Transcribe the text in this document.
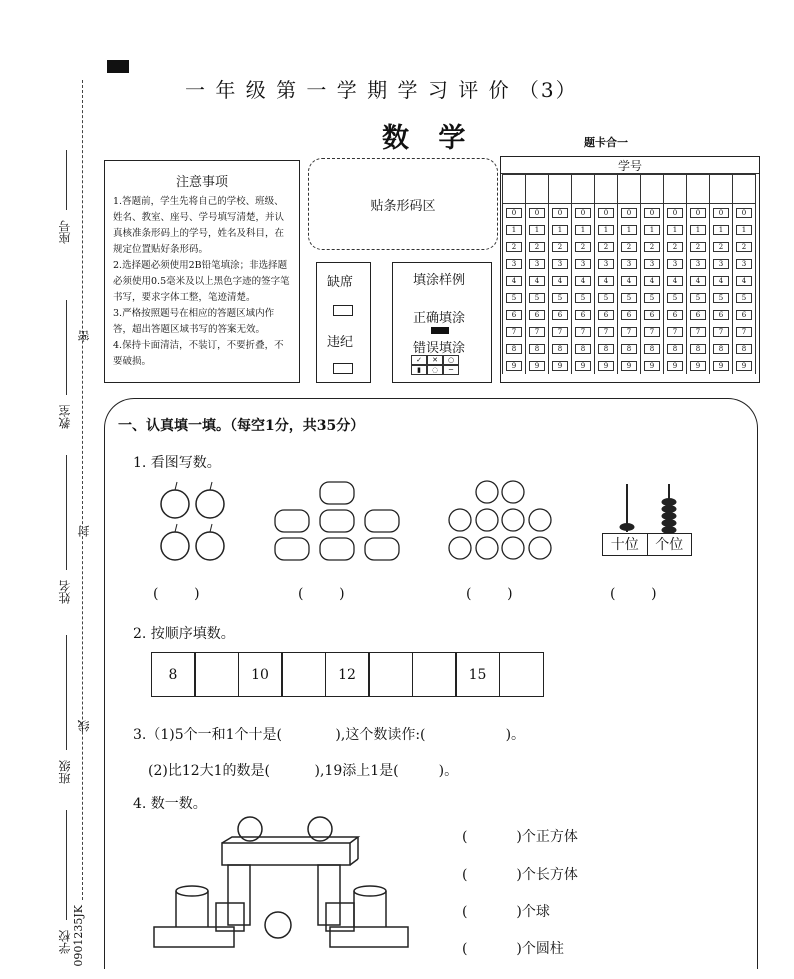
座号
密
教室
封
姓名
线
班级
学校 0901235JK
一 年 级 第 一 学 期 学 习 评 价 （3）
数 学	题卡合一
注意事项

1.答题前，学生先将自己的学校、班级、姓名、教室、座号、学号填写清楚，并认真核准条形码上的学号，姓名及科目，在规定位置贴好条形码。

2.选择题必须使用2B铅笔填涂；非选择题必须使用0.5毫米及以上黑色字迹的签字笔书写，要求字体工整，笔迹清楚。

3.严格按照题号在相应的答题区域内作答，超出答题区域书写的答案无效。

4.保持卡面清洁，不装订，不要折叠，不要破损。

贴条形码区
缺席
违纪
填涂样例
正确填涂
错误填涂
✓ ✕ ○
▮ ◌ ─
学号

0	0	0	0	0	0	0	0	0	0	0
1	1	1	1	1	1	1	1	1	1	1
2	2	2	2	2	2	2	2	2	2	2
3	3	3	3	3	3	3	3	3	3	3
4	4	4	4	4	4	4	4	4	4	4
5	5	5	5	5	5	5	5	5	5	5
6	6	6	6	6	6	6	6	6	6	6
7	7	7	7	7	7	7	7	7	7	7
8	8	8	8	8	8	8	8	8	8	8
9	9	9	9	9	9	9	9	9	9	9
一、认真填一填。（每空1分，共35分）
1. 看图写数。
十位	个位
(        )	(        )	(        )	(        )
2. 按顺序填数。
8	10	12	15
3.（1)5个一和1个十是(            ),这个数读作:(                  )。
(2)比12大1的数是(          ),19添上1是(         )。
4. 数一数。
(           )个正方体
(           )个长方体
(           )个球
(           )个圆柱
